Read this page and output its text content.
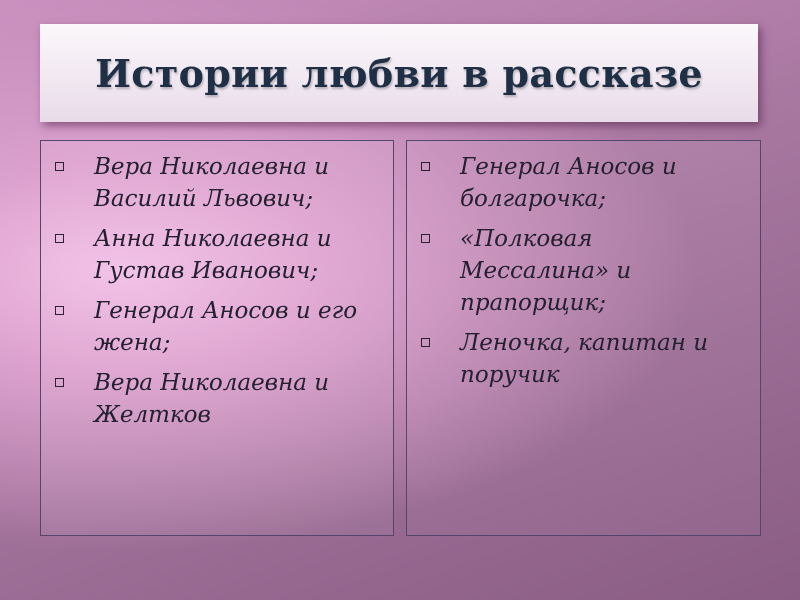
Истории любви в рассказе
Вера Николаевна и
Василий Львович;
Анна Николаевна и
Густав Иванович;
Генерал Аносов и его
жена;
Вера Николаевна и
Желтков
Генерал Аносов и
болгарочка;
«Полковая
Мессалина» и
прапорщик;
Леночка, капитан и
поручик
